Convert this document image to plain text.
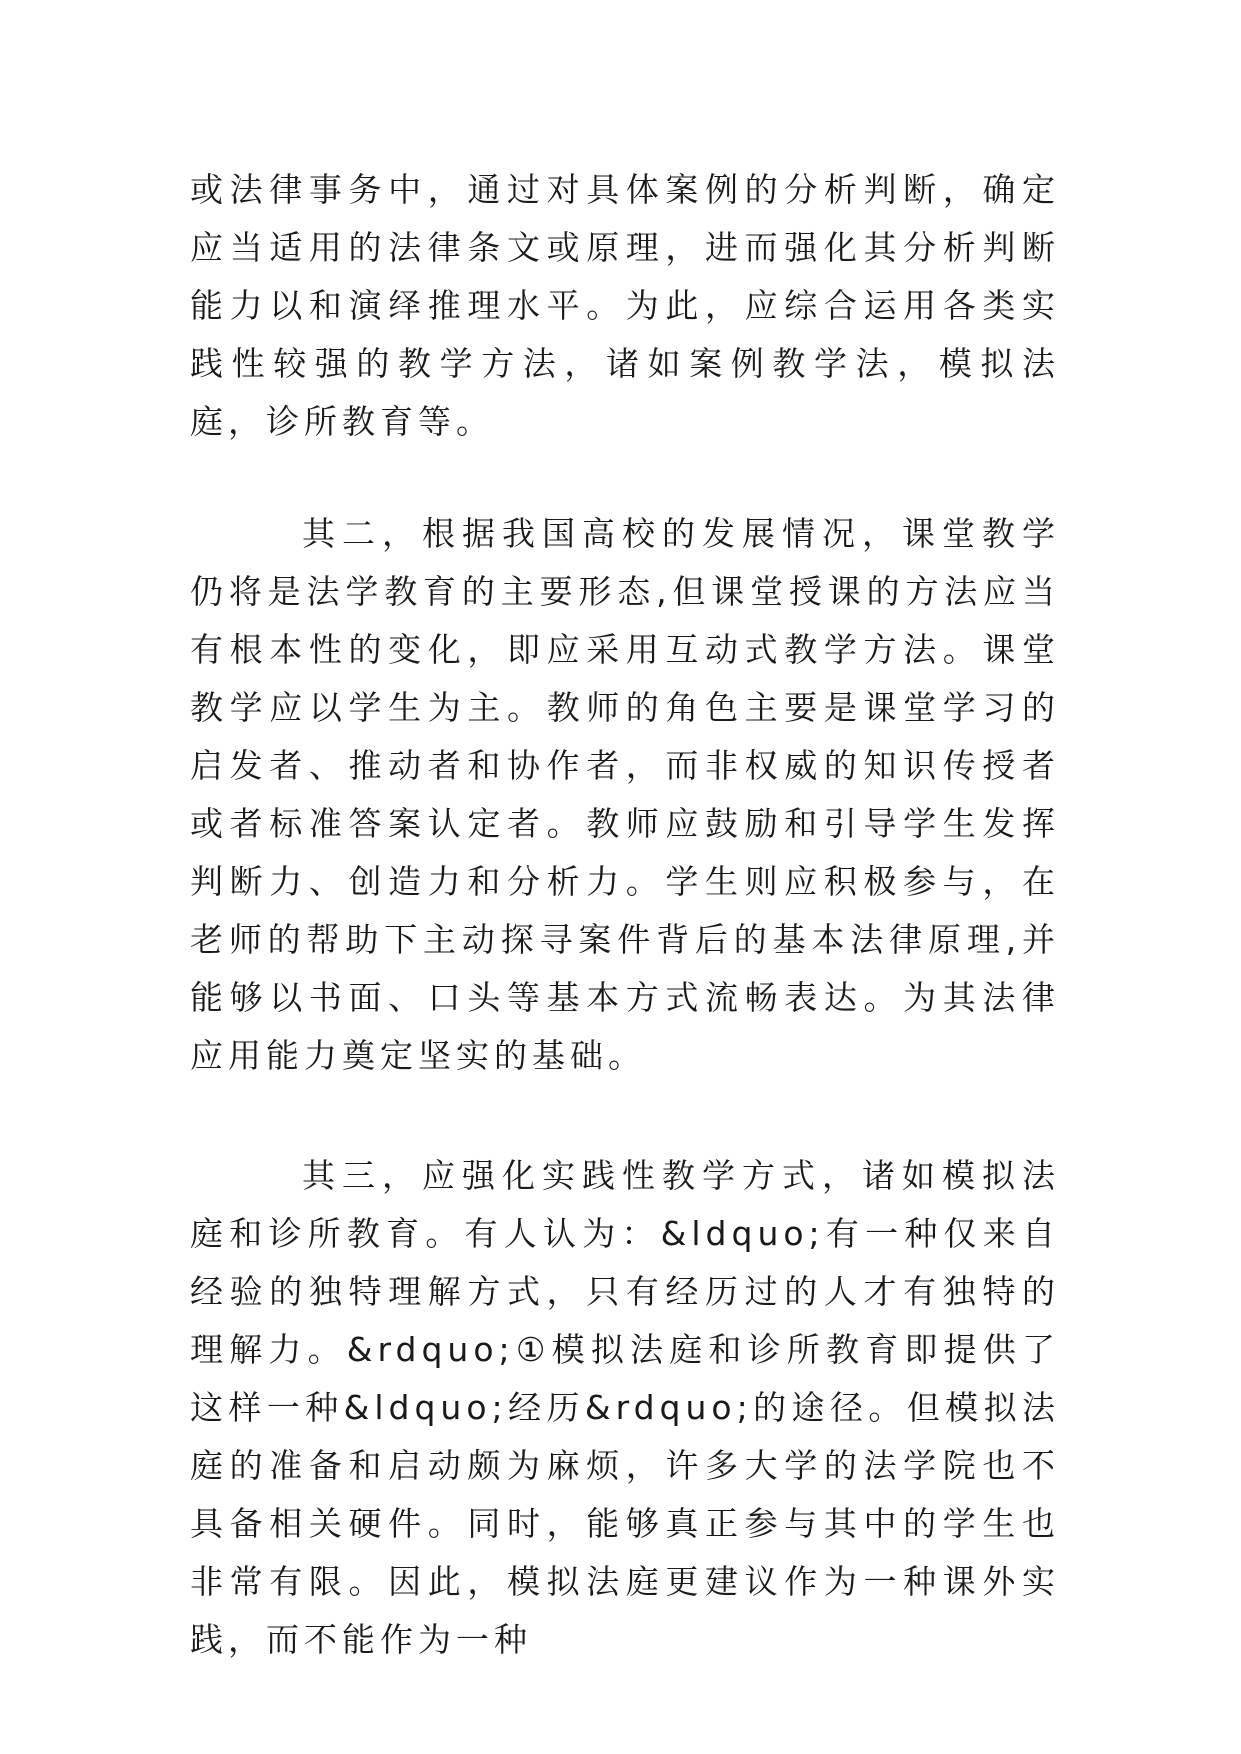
或法律事务中，通过对具体案例的分析判断，确定应当适用的法律条文或原理，进而强化其分析判断能力以和演绎推理水平。为此，应综合运用各类实践性较强的教学方法，诸如案例教学法，模拟法庭，诊所教育等。

其二，根据我国高校的发展情况，课堂教学仍将是法学教育的主要形态,但课堂授课的方法应当有根本性的变化，即应采用互动式教学方法。课堂教学应以学生为主。教师的角色主要是课堂学习的启发者、推动者和协作者，而非权威的知识传授者或者标准答案认定者。教师应鼓励和引导学生发挥判断力、创造力和分析力。学生则应积极参与，在老师的帮助下主动探寻案件背后的基本法律原理,并能够以书面、口头等基本方式流畅表达。为其法律应用能力奠定坚实的基础。

其三，应强化实践性教学方式，诸如模拟法庭和诊所教育。有人认为：&ldquo;有一种仅来自经验的独特理解方式，只有经历过的人才有独特的理解力。&rdquo;①模拟法庭和诊所教育即提供了这样一种&ldquo;经历&rdquo;的途径。但模拟法庭的准备和启动颇为麻烦，许多大学的法学院也不具备相关硬件。同时，能够真正参与其中的学生也非常有限。因此，模拟法庭更建议作为一种课外实践，而不能作为一种
